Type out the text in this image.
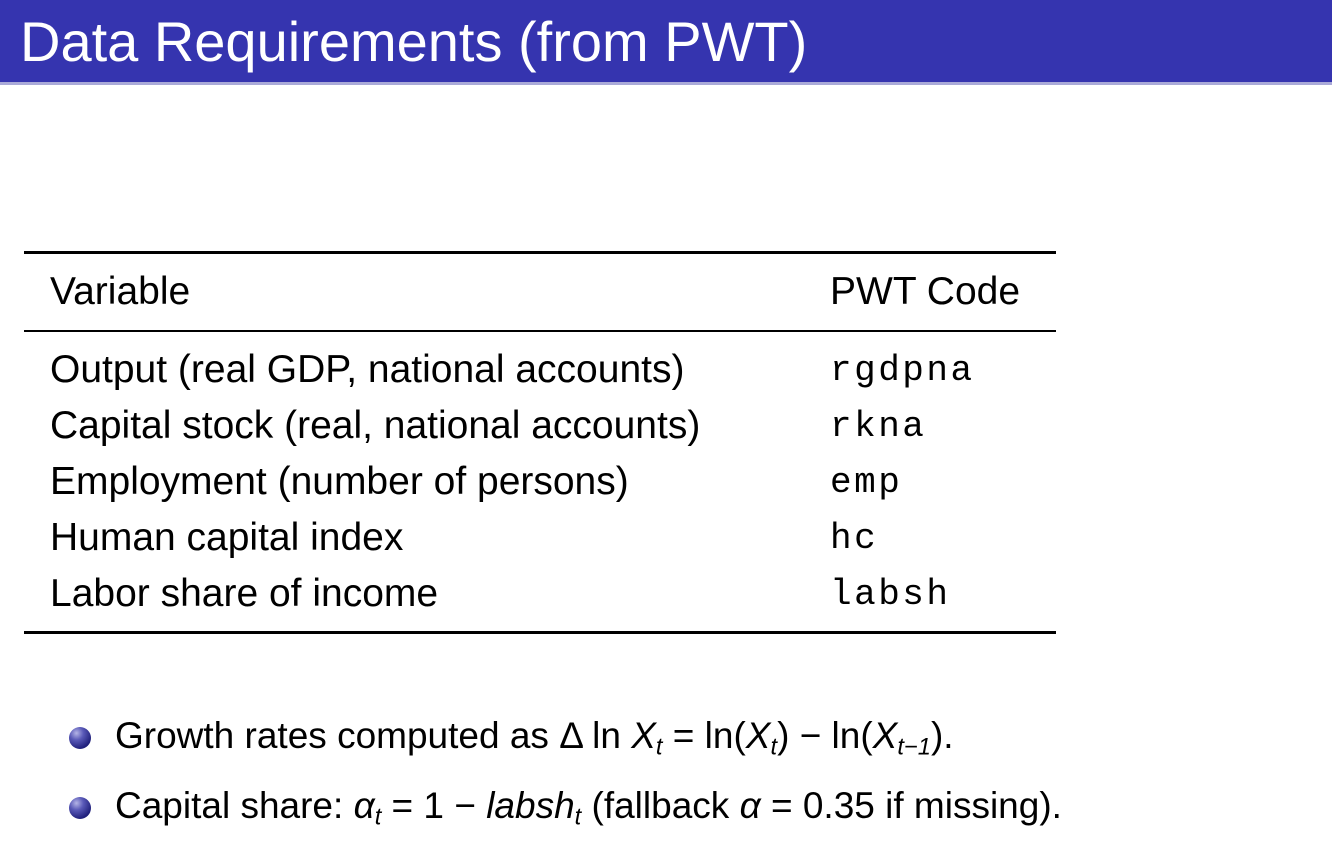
Data Requirements (from PWT)
Variable	PWT Code
Output (real GDP, national accounts)	rgdpna
Capital stock (real, national accounts)	rkna
Employment (number of persons)	emp
Human capital index	hc
Labor share of income	labsh
Growth rates computed as Δ $\ln X_t = \ln(X_t) - \ln(X_{t-1})$.
Capital share: $\alpha_t = 1$ − labsh$_t$ (fallback α = 0.35 if missing).
